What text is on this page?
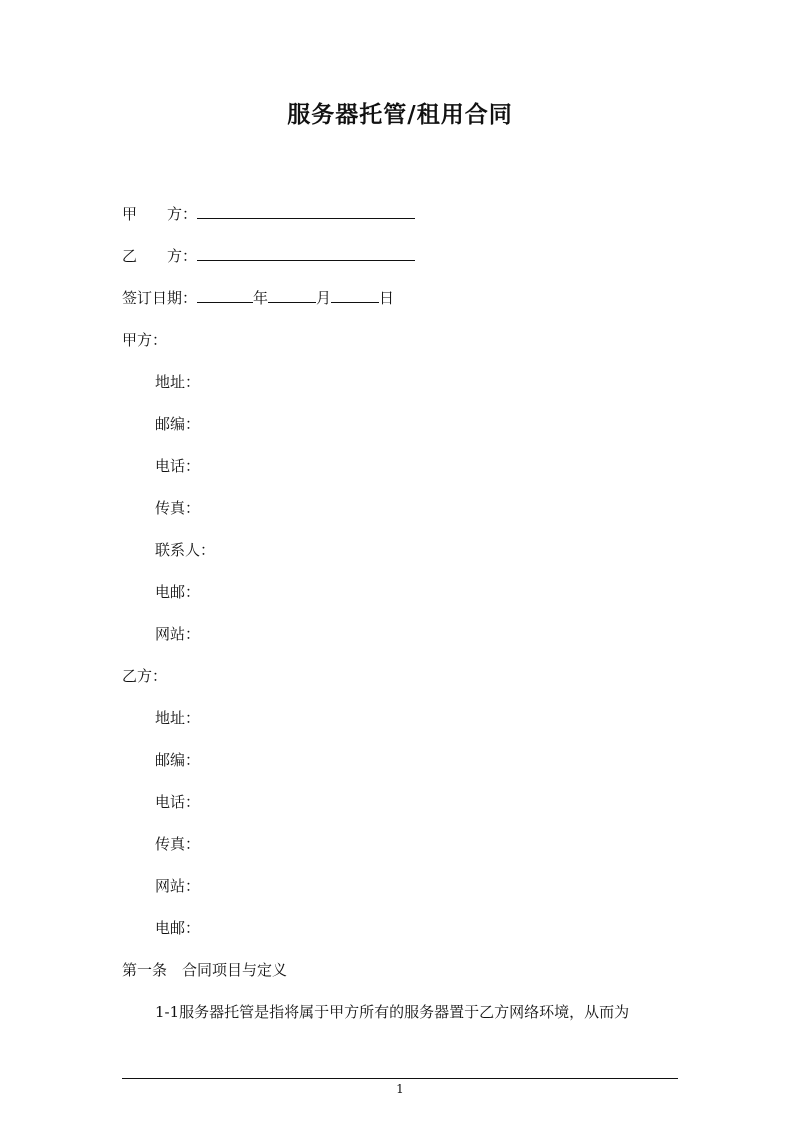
服务器托管/租用合同
甲 方：
乙 方：
签订日期：	年	月	日
甲方：
地址：
邮编：
电话：
传真：
联系人：
电邮：
网站：
乙方：
地址：
邮编：
电话：
传真：
网站：
电邮：
第一条　合同项目与定义
1-1服务器托管是指将属于甲方所有的服务器置于乙方网络环境，从而为
1
